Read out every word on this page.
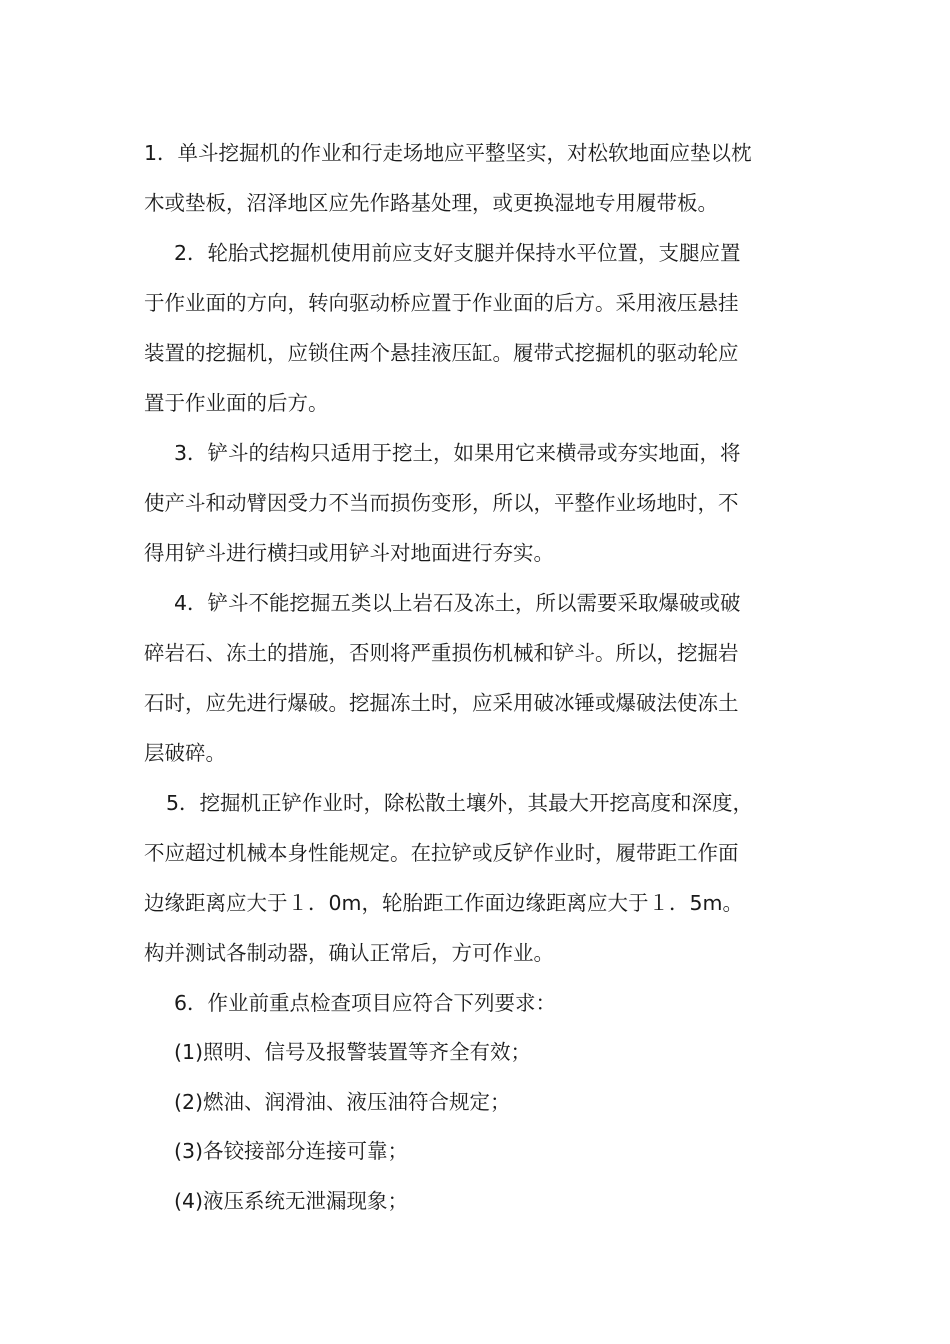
1．单斗挖掘机的作业和行走场地应平整坚实，对松软地面应垫以枕
木或垫板，沼泽地区应先作路基处理，或更换湿地专用履带板。
2．轮胎式挖掘机使用前应支好支腿并保持水平位置，支腿应置
于作业面的方向，转向驱动桥应置于作业面的后方。采用液压悬挂
装置的挖掘机，应锁住两个悬挂液压缸。履带式挖掘机的驱动轮应
置于作业面的后方。
3．铲斗的结构只适用于挖土，如果用它来横帚或夯实地面，将
使产斗和动臂因受力不当而损伤变形，所以，平整作业场地时，不
得用铲斗进行横扫或用铲斗对地面进行夯实。
4．铲斗不能挖掘五类以上岩石及冻土，所以需要采取爆破或破
碎岩石、冻土的措施，否则将严重损伤机械和铲斗。所以，挖掘岩
石时，应先进行爆破。挖掘冻土时，应采用破冰锤或爆破法使冻土
层破碎。
5．挖掘机正铲作业时，除松散土壤外，其最大开挖高度和深度，
不应超过机械本身性能规定。在拉铲或反铲作业时，履带距工作面
边缘距离应大于１．0m，轮胎距工作面边缘距离应大于１．5m。
构并测试各制动器，确认正常后，方可作业。
6．作业前重点检查项目应符合下列要求：
(1)照明、信号及报警装置等齐全有效；
(2)燃油、润滑油、液压油符合规定；
(3)各铰接部分连接可靠；
(4)液压系统无泄漏现象；
